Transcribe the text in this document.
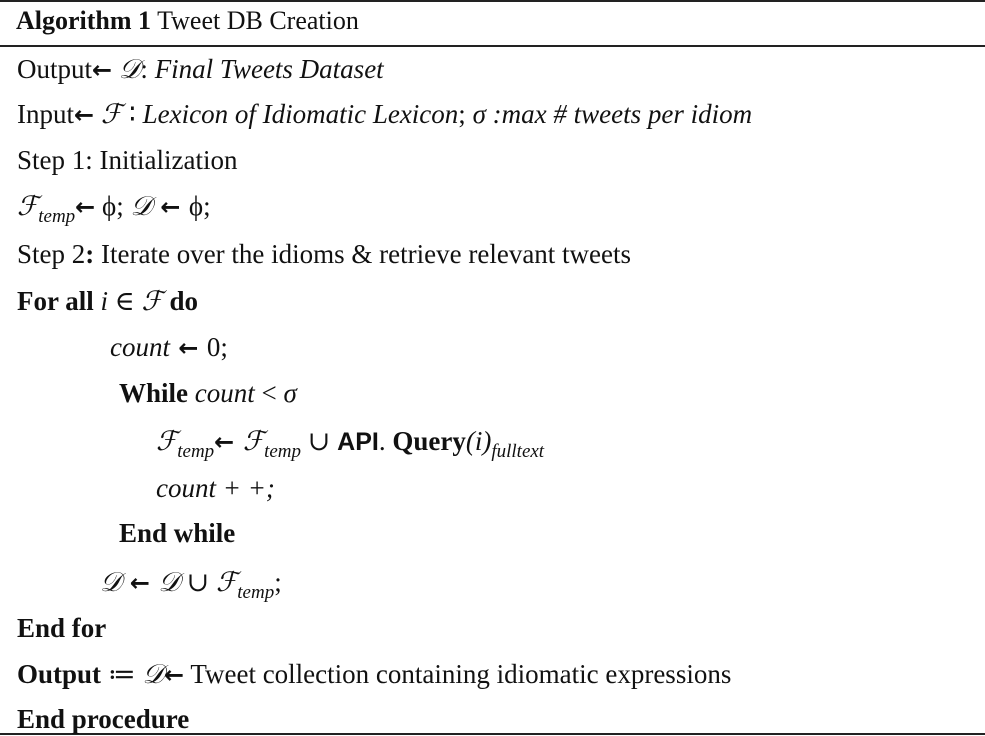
Algorithm 1 Tweet DB Creation
Output← 𝒟: Final Tweets Dataset
Input← ℱ ∶ Lexicon of Idiomatic Lexicon; σ :max # tweets per idiom
Step 1: Initialization
ℱ$_{temp}$← ϕ; 𝒟 ← ϕ;
Step 2: Iterate over the idioms & retrieve relevant tweets
For all i ∈ ℱ do
count ← 0;
While count < σ
ℱ$_{temp}$← ℱ$_{temp}$ ∪ API. $Query(i)_{fulltext}$
count + +;
End while
𝒟 ← 𝒟 ∪ ℱ$_{temp}$;
End for
Output ≔ 𝒟← Tweet collection containing idiomatic expressions
End procedure
